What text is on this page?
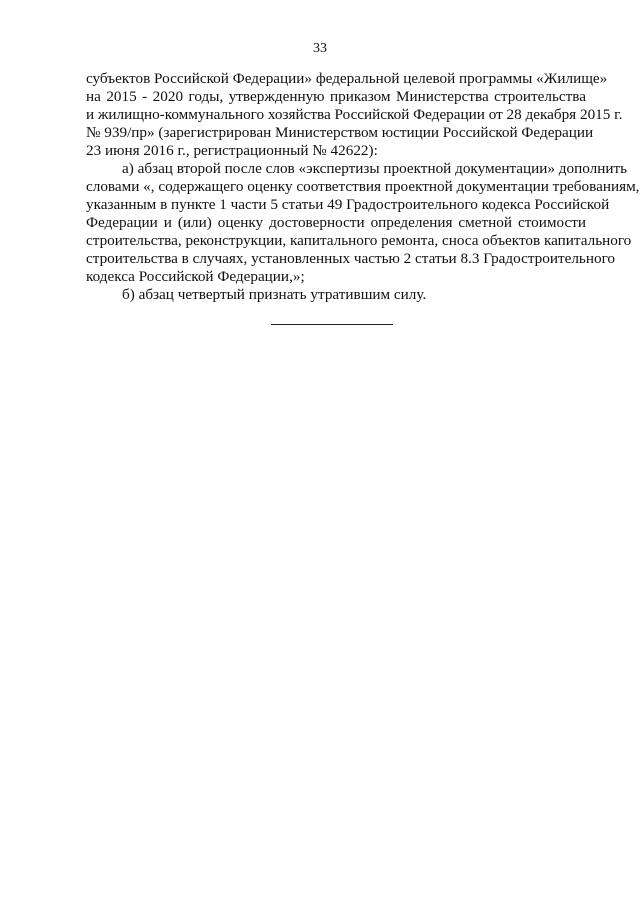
33
субъектов Российской Федерации» федеральной целевой программы «Жилище»
на 2015 - 2020 годы, утвержденную приказом Министерства строительства
и жилищно-коммунального хозяйства Российской Федерации от 28 декабря 2015 г.
№ 939/пр» (зарегистрирован Министерством юстиции Российской Федерации
23 июня 2016 г., регистрационный № 42622):
а) абзац второй после слов «экспертизы проектной документации» дополнить
словами «, содержащего оценку соответствия проектной документации требованиям,
указанным в пункте 1 части 5 статьи 49 Градостроительного кодекса Российской
Федерации и (или) оценку достоверности определения сметной стоимости
строительства, реконструкции, капитального ремонта, сноса объектов капитального
строительства в случаях, установленных частью 2 статьи 8.3 Градостроительного
кодекса Российской Федерации,»;
б) абзац четвертый признать утратившим силу.
